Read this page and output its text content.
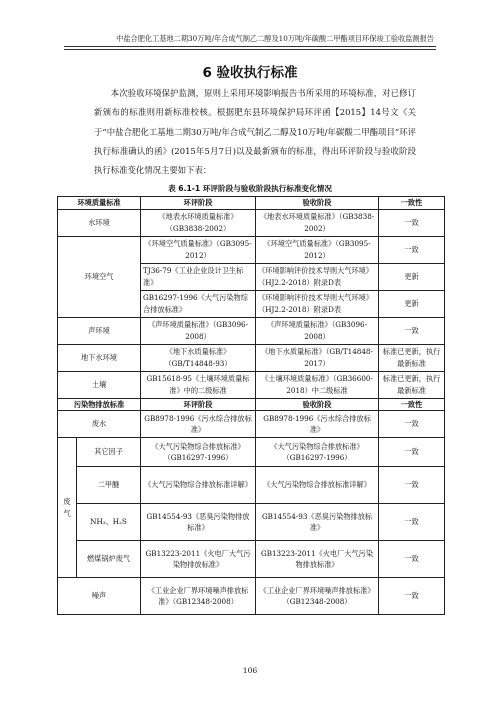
中盐合肥化工基地二期30万吨/年合成气制乙二醇及10万吨/年碳酸二甲酯项目环保竣工验收监测报告
6 验收执行标准

本次验收环境保护监测，原则上采用环境影响报告书所采用的环境标准，对已修订新颁布的标准则用新标准校核。根据肥东县环境保护局环评函【2015】14号文《关于“中盐合肥化工基地二期30万吨/年合成气制乙二醇及10万吨/年碳酸二甲酯项目”环评执行标准确认的函》(2015年5月7日)以及最新颁布的标准，得出环评阶段与验收阶段执行标准变化情况主要如下表：

表 6.1-1 环评阶段与验收阶段执行标准变化情况
环境质量标准		环评阶段	验收阶段	一致性
水环境		《地表水环境质量标准》（GB3838-2002）	《地表水环境质量标准》（GB3838-2002）	一致
环境空气		《环境空气质量标准》（GB3095-2012）	《环境空气质量标准》（GB3095-2012）	一致
		TJ36-79《工业企业设计卫生标准》	《环境影响评价技术导则大气环境》（HJ2.2-2018）附录D表	更新
		GB16297-1996《大气污染物综合排放标准》	《环境影响评价技术导则大气环境》（HJ2.2-2018）附录D表	更新
声环境		《声环境质量标准》（GB3096-2008）	《声环境质量标准》（GB3096-2008）	一致
地下水环境		《地下水质量标准》（GB/T14848-93）	《地下水质量标准》（GB/T14848-2017）	标准已更新，执行最新标准
土壤		GB15618-95《土壤环境质量标准》中的二级标准	《土壤环境质量标准》（GB36600-2018）中二级标准	标准已更新，执行最新标准
污染物排放标准		环评阶段	验收阶段	一致性
废水		GB8978-1996《污水综合排放标准》	GB8978-1996《污水综合排放标准》	一致
废气	其它因子	《大气污染物综合排放标准》（GB16297-1996）	《大气污染物综合排放标准》（GB16297-1996）	一致
	二甲醚	《大气污染物综合排放标准详解》	《大气污染物综合排放标准详解》	一致
	NH₃、H₂S	GB14554-93《恶臭污染物排放标准》	GB14554-93《恶臭污染物排放标准》	一致
	燃煤锅炉废气	GB13223-2011《火电厂大气污染物排放标准》	GB13223-2011《火电厂大气污染物排放标准》	一致
噪声		《工业企业厂界环境噪声排放标准》（GB12348-2008）	《工业企业厂界环境噪声排放标准》（GB12348-2008）	一致
106
